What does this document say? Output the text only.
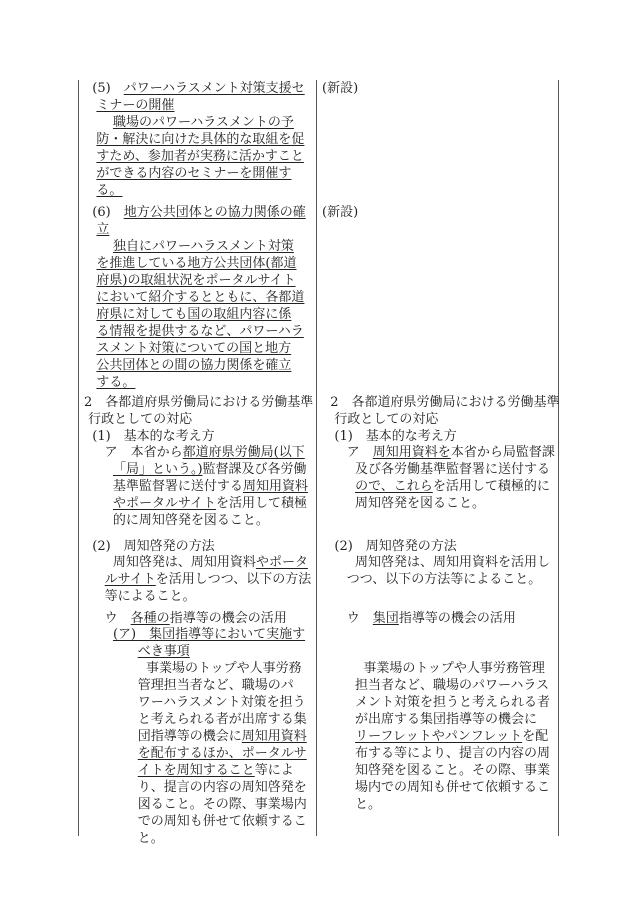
(5)　パワーハラスメント対策支援セ
ミナーの開催
職場のパワーハラスメントの予
防・解決に向けた具体的な取組を促
すため、参加者が実務に活かすこと
ができる内容のセミナーを開催す
る。
(6)　地方公共団体との協力関係の確
立
独自にパワーハラスメント対策
を推進している地方公共団体(都道
府県)の取組状況をポータルサイト
において紹介するとともに、各都道
府県に対しても国の取組内容に係
る情報を提供するなど、パワーハラ
スメント対策についての国と地方
公共団体との間の協力関係を確立
する。
2　各都道府県労働局における労働基準
行政としての対応
(1)　基本的な考え方
ア　本省から都道府県労働局(以下
「局」という。)監督課及び各労働
基準監督署に送付する周知用資料
やポータルサイトを活用して積極
的に周知啓発を図ること。
(2)　周知啓発の方法
周知啓発は、周知用資料やポータ
ルサイトを活用しつつ、以下の方法
等によること。
ウ　各種の指導等の機会の活用
(ア)　集団指導等において実施す
べき事項
事業場のトップや人事労務
管理担当者など、職場のパ
ワーハラスメント対策を担う
と考えられる者が出席する集
団指導等の機会に周知用資料
を配布するほか、ポータルサ
イトを周知すること等によ
り、提言の内容の周知啓発を
図ること。その際、事業場内
での周知も併せて依頼するこ
と。
(新設)
(新設)
2　各都道府県労働局における労働基準
行政としての対応
(1)　基本的な考え方
ア　周知用資料を本省から局監督課
及び各労働基準監督署に送付する
ので、これらを活用して積極的に
周知啓発を図ること。
(2)　周知啓発の方法
周知啓発は、周知用資料を活用し
つつ、以下の方法等によること。
ウ　集団指導等の機会の活用
事業場のトップや人事労務管理
担当者など、職場のパワーハラス
メント対策を担うと考えられる者
が出席する集団指導等の機会に
リーフレットやパンフレットを配
布する等により、提言の内容の周
知啓発を図ること。その際、事業
場内での周知も併せて依頼するこ
と。
